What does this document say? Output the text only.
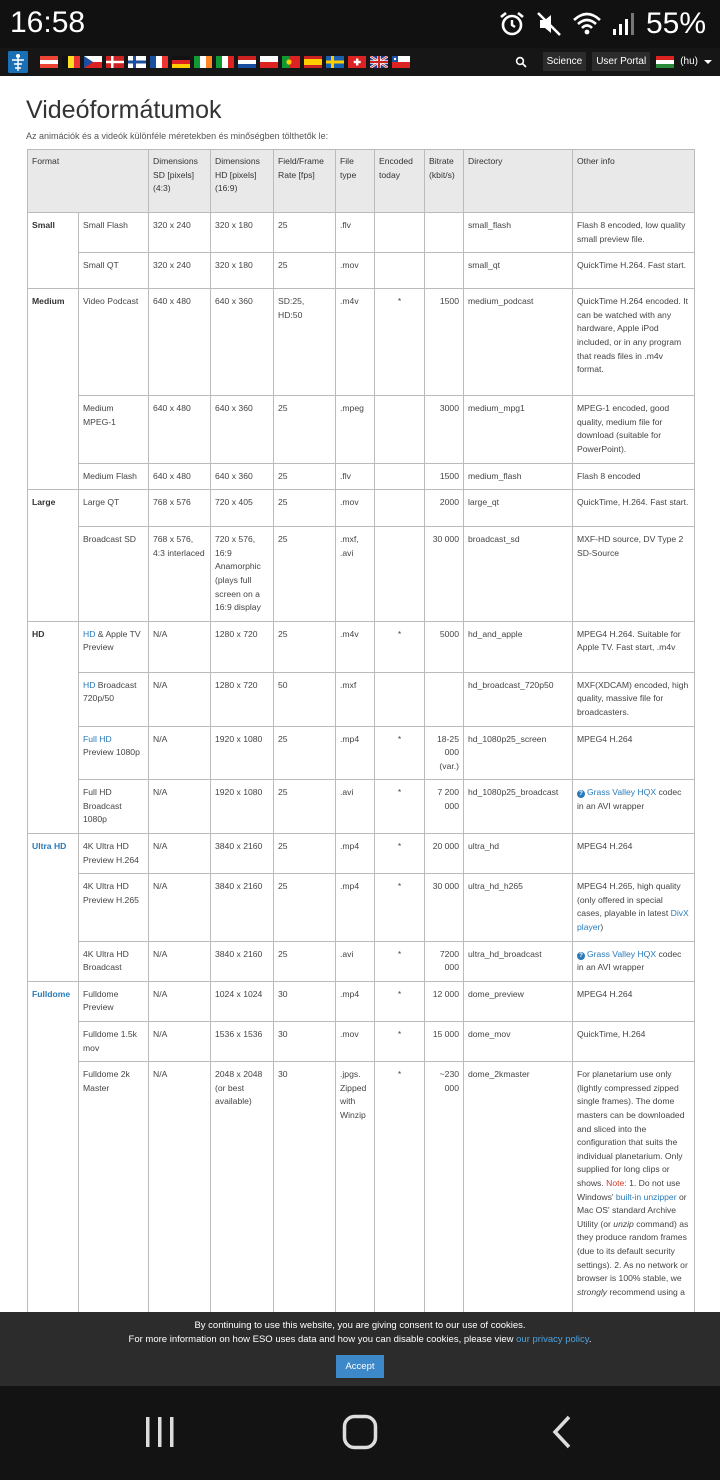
16:58	55%
Science	User Portal	(hu)
Videóformátumok

Az animációk és a videók különféle méretekben és minőségben tölthetők le:

Format		Dimensions SD [pixels] (4:3)	Dimensions HD [pixels] (16:9)	Field/Frame Rate [fps]	File type	Encoded today	Bitrate (kbit/s)	Directory	Other info
Small	Small Flash	320 x 240	320 x 180	25	.flv			small_flash	Flash 8 encoded, low quality small preview file.
	Small QT	320 x 240	320 x 180	25	.mov			small_qt	QuickTime H.264. Fast start.
Medium	Video Podcast	640 x 480	640 x 360	SD:25, HD:50	.m4v	*	1500	medium_podcast	QuickTime H.264 encoded. It can be watched with any hardware, Apple iPod included, or in any program that reads files in .m4v format.
	Medium MPEG-1	640 x 480	640 x 360	25	.mpeg		3000	medium_mpg1	MPEG-1 encoded, good quality, medium file for download (suitable for PowerPoint).
	Medium Flash	640 x 480	640 x 360	25	.flv		1500	medium_flash	Flash 8 encoded
Large	Large QT	768 x 576	720 x 405	25	.mov		2000	large_qt	QuickTime, H.264. Fast start.
	Broadcast SD	768 x 576, 4:3 interlaced	720 x 576, 16:9 Anamorphic (plays full screen on a 16:9 display	25	.mxf, .avi		30 000	broadcast_sd	MXF-HD source, DV Type 2 SD-Source
HD	HD & Apple TV Preview	N/A	1280 x 720	25	.m4v	*	5000	hd_and_apple	MPEG4 H.264. Suitable for Apple TV. Fast start, .m4v
	HD Broadcast 720p/50	N/A	1280 x 720	50	.mxf			hd_broadcast_720p50	MXF(XDCAM) encoded, high quality, massive file for broadcasters.
	Full HD Preview 1080p	N/A	1920 x 1080	25	.mp4	*	18-25 000 (var.)	hd_1080p25_screen	MPEG4 H.264
	Full HD Broadcast 1080p	N/A	1920 x 1080	25	.avi	*	7 200 000	hd_1080p25_broadcast	? Grass Valley HQX codec in an AVI wrapper
Ultra HD	4K Ultra HD Preview H.264	N/A	3840 x 2160	25	.mp4	*	20 000	ultra_hd	MPEG4 H.264
	4K Ultra HD Preview H.265	N/A	3840 x 2160	25	.mp4	*	30 000	ultra_hd_h265	MPEG4 H.265, high quality (only offered in special cases, playable in latest DivX player)
	4K Ultra HD Broadcast	N/A	3840 x 2160	25	.avi	*	7200 000	ultra_hd_broadcast	? Grass Valley HQX codec in an AVI wrapper
Fulldome	Fulldome Preview	N/A	1024 x 1024	30	.mp4	*	12 000	dome_preview	MPEG4 H.264
	Fulldome 1.5k mov	N/A	1536 x 1536	30	.mov	*	15 000	dome_mov	QuickTime, H.264
	Fulldome 2k Master	N/A	2048 x 2048 (or best available)	30	.jpgs. Zipped with Winzip	*	~230 000	dome_2kmaster	For planetarium use only (lightly compressed zipped single frames). The dome masters can be downloaded and sliced into the configuration that suits the individual planetarium. Only supplied for long clips or shows. Note: 1. Do not use Windows' built-in unzipper or Mac OS' standard Archive Utility (or unzip command) as they produce random frames (due to its default security settings). 2. As no network or browser is 100% stable, we strongly recommend using a

By continuing to use this website, you are giving consent to our use of cookies.

For more information on how ESO uses data and how you can disable cookies, please view our privacy policy.

Accept
